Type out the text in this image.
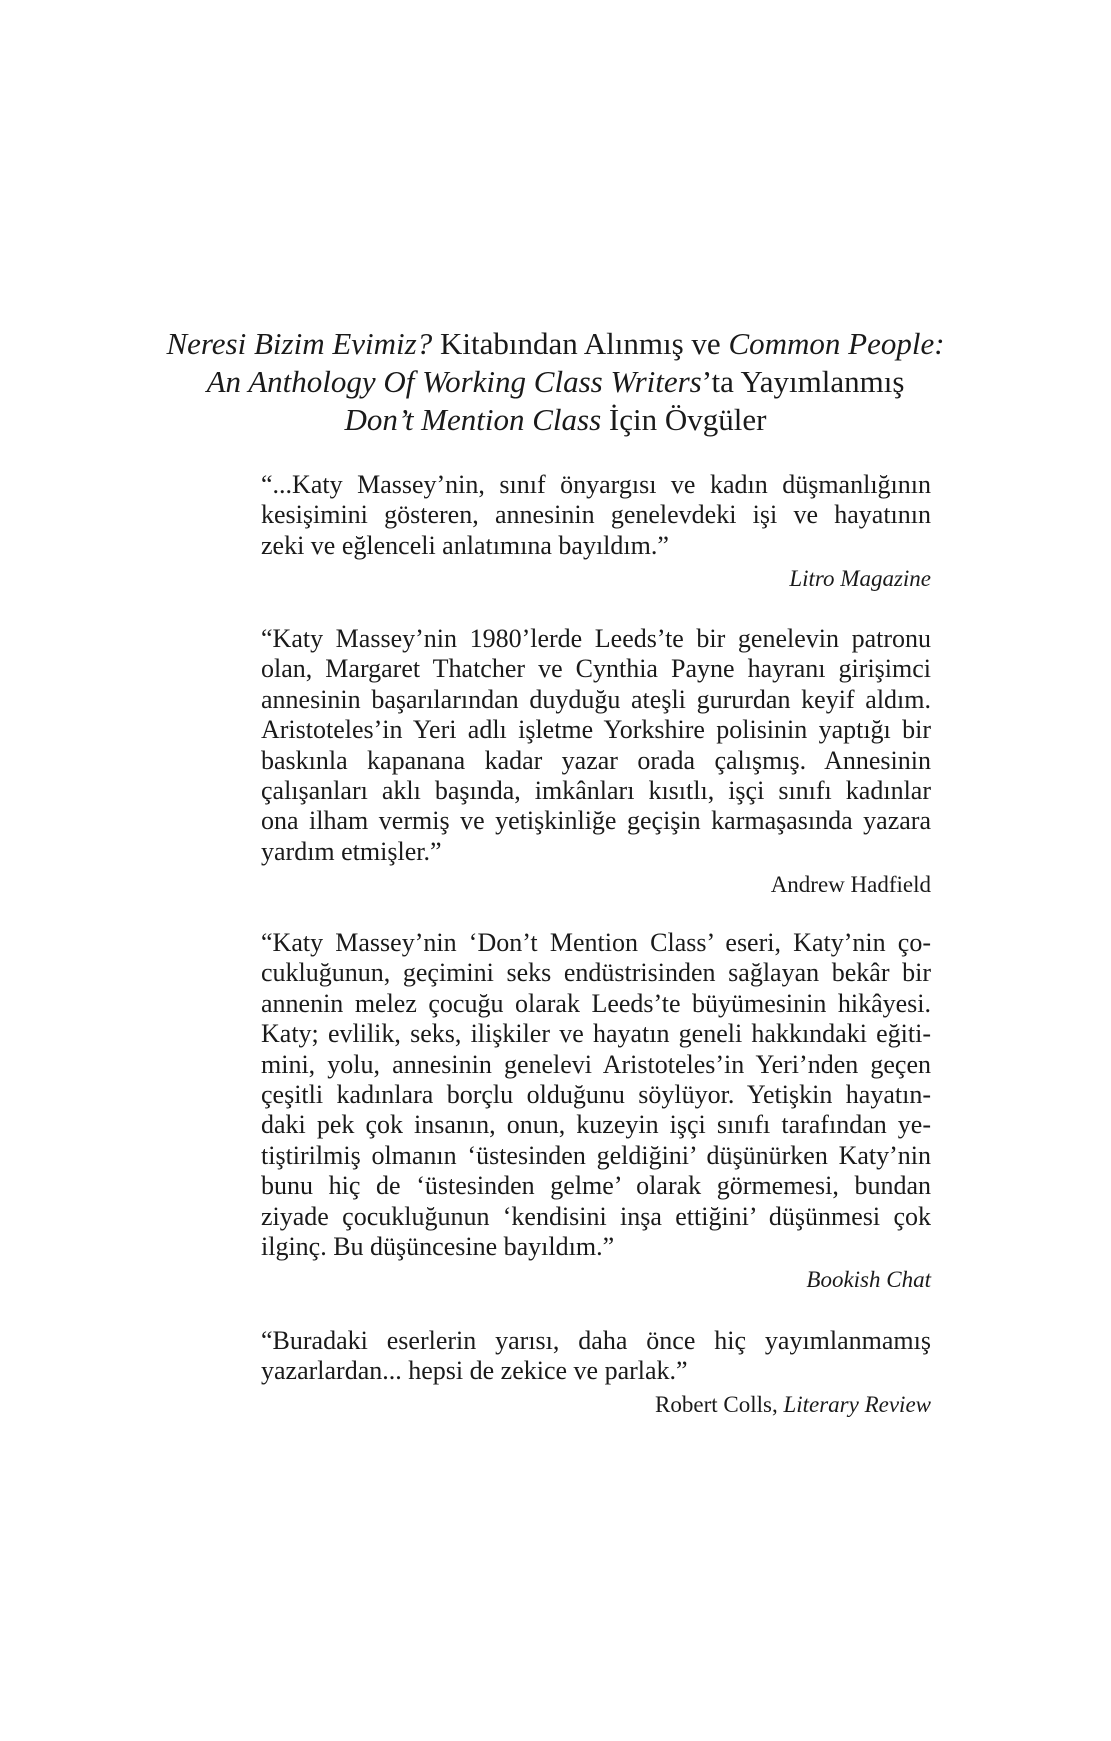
Neresi Bizim Evimiz? Kitabından Alınmış ve Common People:
An Anthology Of Working Class Writers’ta Yayımlanmış
Don’t Mention Class İçin Övgüler

“...Katy Massey’nin, sınıf önyargısı ve kadın düşmanlığının
kesişimini gösteren, annesinin genelevdeki işi ve hayatının
zeki ve eğlenceli anlatımına bayıldım.”

Litro Magazine

“Katy Massey’nin 1980’lerde Leeds’te bir genelevin patronu
olan, Margaret Thatcher ve Cynthia Payne hayranı girişimci
annesinin başarılarından duyduğu ateşli gururdan keyif aldım.
Aristoteles’in Yeri adlı işletme Yorkshire polisinin yaptığı bir
baskınla kapanana kadar yazar orada çalışmış. Annesinin
çalışanları aklı başında, imkânları kısıtlı, işçi sınıfı kadınlar
ona ilham vermiş ve yetişkinliğe geçişin karmaşasında yazara
yardım etmişler.”

Andrew Hadfield

“Katy Massey’nin ‘Don’t Mention Class’ eseri, Katy’nin ço-
cukluğunun, geçimini seks endüstrisinden sağlayan bekâr bir
annenin melez çocuğu olarak Leeds’te büyümesinin hikâyesi.
Katy; evlilik, seks, ilişkiler ve hayatın geneli hakkındaki eğiti-
mini, yolu, annesinin genelevi Aristoteles’in Yeri’nden geçen
çeşitli kadınlara borçlu olduğunu söylüyor. Yetişkin hayatın-
daki pek çok insanın, onun, kuzeyin işçi sınıfı tarafından ye-
tiştirilmiş olmanın ‘üstesinden geldiğini’ düşünürken Katy’nin
bunu hiç de ‘üstesinden gelme’ olarak görmemesi, bundan
ziyade çocukluğunun ‘kendisini inşa ettiğini’ düşünmesi çok
ilginç. Bu düşüncesine bayıldım.”

Bookish Chat

“Buradaki eserlerin yarısı, daha önce hiç yayımlanmamış
yazarlardan... hepsi de zekice ve parlak.”

Robert Colls, Literary Review
